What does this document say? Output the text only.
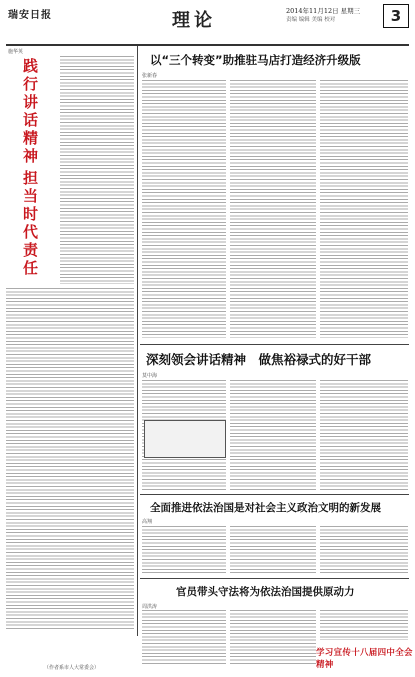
瑞安日报	理论	2014年11月12日 星期三
责编 编辑 美编 校对	3
施华英
践行讲话精神
担当时代责任
以“三个转变”助推驻马店打造经济升级版
张新春
深刻领会讲话精神　做焦裕禄式的好干部
莫中海
全面推进依法治国是对社会主义政治文明的新发展
高翔
官员带头守法将为依法治国提供原动力
周洪涛
学习宣传十八届四中全会精神
（作者系市人大常委会）
